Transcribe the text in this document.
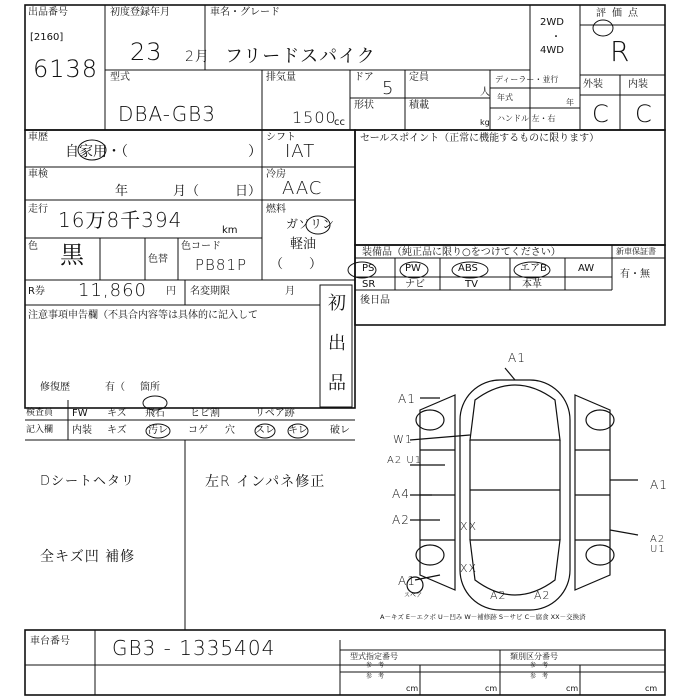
出品番号
[2160]
6138
初度登録年月
23 2月
車名・グレード
フリードスパイク
2WD
・
4WD
評価点
R
外装	内装
C C
型式
DBA-GB3
排気量
1500
cc
ドア
5
定員
人
形状	積載
kg
ディーラー・並行
年式
年
ハンドル 左・右
車歴
自家用・（	）
シフト
IAT
車検
年	月（	日）
冷房
AAC
走行 16万8千394	km
燃料
ガソリン
軽油
（　　）
色 黒	色替
色コード
PB81P
R券 11,860 円 名変期限	月
注意事項申告欄（不具合内容等は具体的に記入して
修復歴	有（ 箇所
初
出
品
セールスポイント（正常に機能するものに限ります）
装備品（純正品に限り○をつけてください）	新車保証書
有・無
PS	PW	ABS	エアB	AW
SR	ナビ	TV	本革
後日品
検査員
記入欄
FW キズ 飛石	ヒビ割	リペア跡
内装 キズ 汚レ コゲ 穴 スレ キレ 破レ
Dシートヘタリ	左R インパネ修正
全キズ凹 補修
A1
A1
W1
A2 U1
A4
A2	XX
XX
A1
スペア
A1
A2 U1
A2 A2
A－キズ E－エクボ U－凹み W－補修跡 S－サビ C－腐食 XX－交換済
車台番号 GB3 - 1335404	型式指定番号
参　考
類別区分番号
参　考
参　考	参　考
cm	cm	cm	cm
